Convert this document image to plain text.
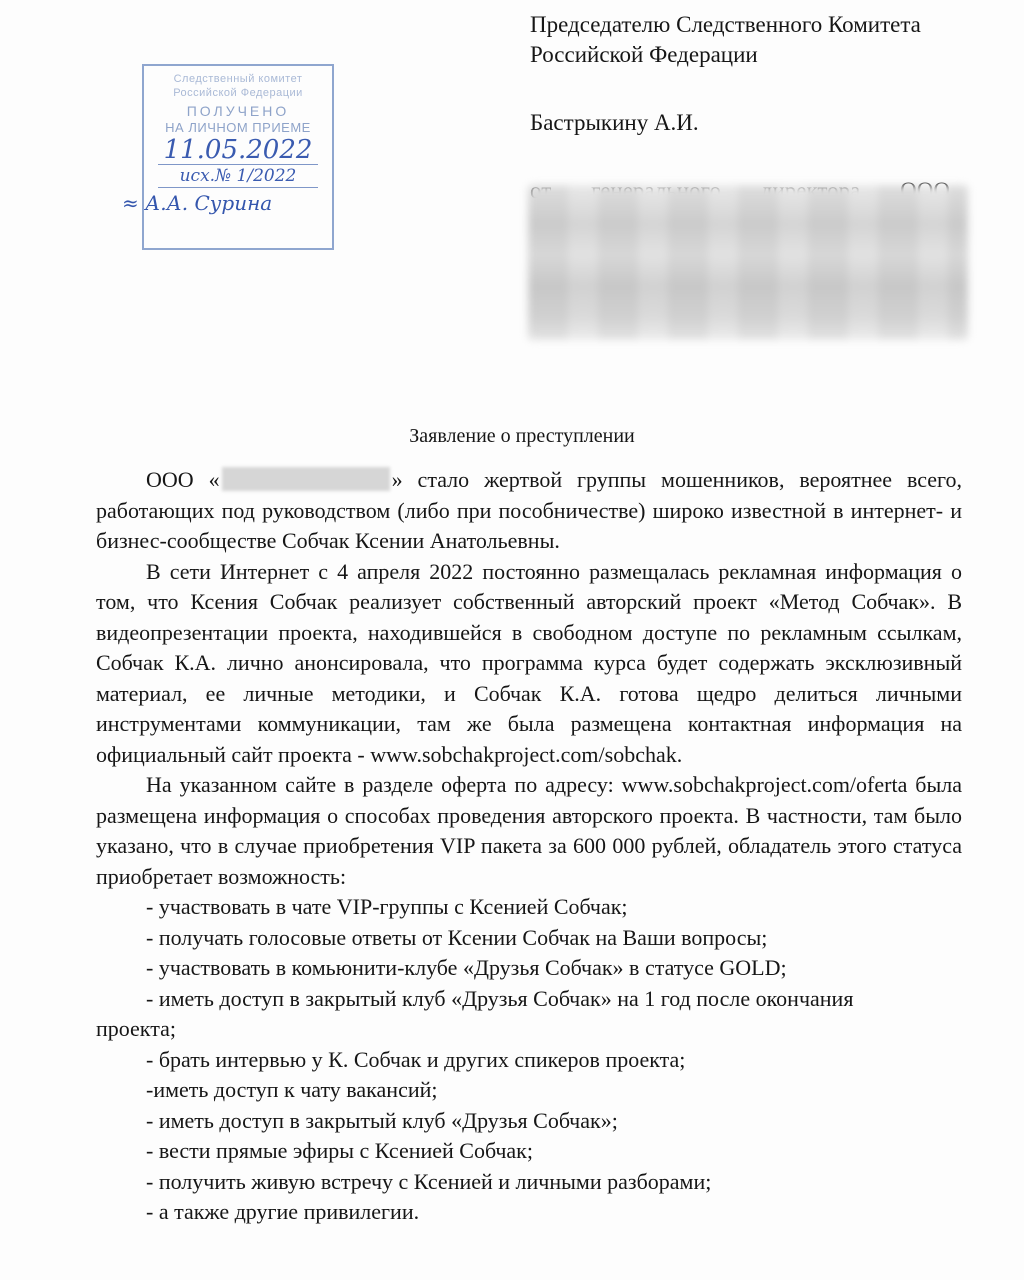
Следственный комитет
Российской Федерации
ПОЛУЧЕНО
НА ЛИЧНОМ ПРИЕМЕ
11.05.2022
исх.№ 1/2022
≈ А.А. Сурина

Председателю Следственного Комитета

Российской Федерации

Бастрыкину А.И.

Заявление о преступлении

ООО «	» стало жертвой группы мошенников, вероятнее всего, работающих под руководством (либо при пособничестве) широко известной в интернет- и бизнес-сообществе Собчак Ксении Анатольевны.

В сети Интернет с 4 апреля 2022 постоянно размещалась рекламная информация о том, что Ксения Собчак реализует собственный авторский проект «Метод Собчак». В видеопрезентации проекта, находившейся в свободном доступе по рекламным ссылкам, Собчак К.А. лично анонсировала, что программа курса будет содержать эксклюзивный материал, ее личные методики, и Собчак К.А. готова щедро делиться личными инструментами коммуникации, там же была размещена контактная информация на официальный сайт проекта - www.sobchakproject.com/sobchak.

На указанном сайте в разделе оферта по адресу: www.sobchakproject.com/oferta была размещена информация о способах проведения авторского проекта. В частности, там было указано, что в случае приобретения VIP пакета за 600 000 рублей, обладатель этого статуса приобретает возможность:

- участвовать в чате VIP-группы с Ксенией Собчак;
- получать голосовые ответы от Ксении Собчак на Ваши вопросы;
- участвовать в комьюнити-клубе «Друзья Собчак» в статусе GOLD;
- иметь доступ в закрытый клуб «Друзья Собчак» на 1 год после окончания
проекта;
- брать интервью у К. Собчак и других спикеров проекта;
-иметь доступ к чату вакансий;
- иметь доступ в закрытый клуб «Друзья Собчак»;
- вести прямые эфиры с Ксенией Собчак;
- получить живую встречу с Ксенией и личными разборами;
- а также другие привилегии.
